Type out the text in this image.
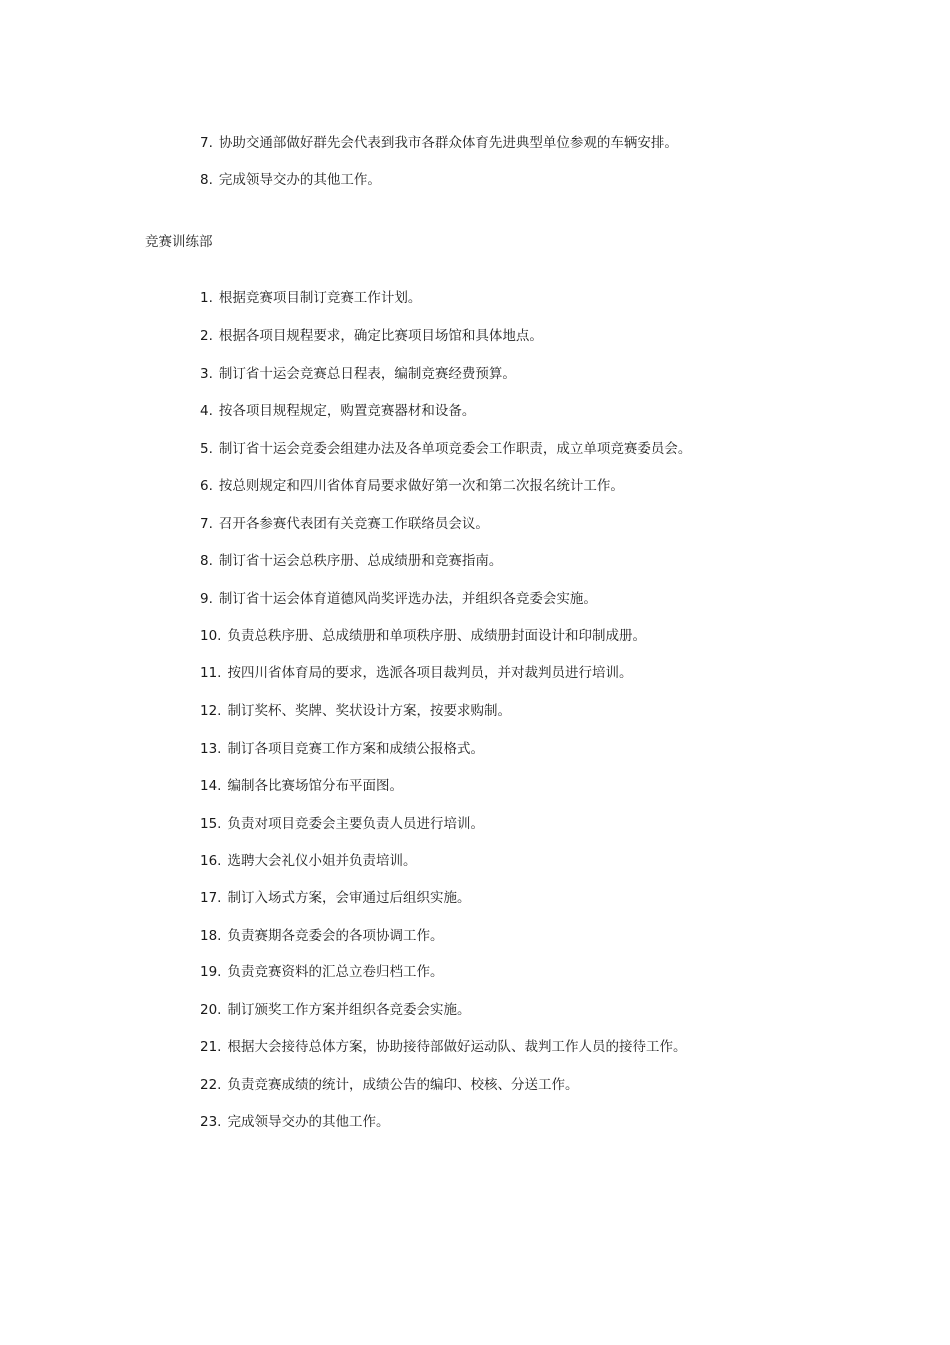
7. 协助交通部做好群先会代表到我市各群众体育先进典型单位参观的车辆安排。
8. 完成领导交办的其他工作。
竞赛训练部
1. 根据竞赛项目制订竞赛工作计划。
2. 根据各项目规程要求，确定比赛项目场馆和具体地点。
3. 制订省十运会竞赛总日程表，编制竞赛经费预算。
4. 按各项目规程规定，购置竞赛器材和设备。
5. 制订省十运会竞委会组建办法及各单项竞委会工作职责，成立单项竞赛委员会。
6. 按总则规定和四川省体育局要求做好第一次和第二次报名统计工作。
7. 召开各参赛代表团有关竞赛工作联络员会议。
8. 制订省十运会总秩序册、总成绩册和竞赛指南。
9. 制订省十运会体育道德风尚奖评选办法，并组织各竞委会实施。
10. 负责总秩序册、总成绩册和单项秩序册、成绩册封面设计和印制成册。
11. 按四川省体育局的要求，选派各项目裁判员，并对裁判员进行培训。
12. 制订奖杯、奖牌、奖状设计方案，按要求购制。
13. 制订各项目竞赛工作方案和成绩公报格式。
14. 编制各比赛场馆分布平面图。
15. 负责对项目竞委会主要负责人员进行培训。
16. 选聘大会礼仪小姐并负责培训。
17. 制订入场式方案，会审通过后组织实施。
18. 负责赛期各竞委会的各项协调工作。
19. 负责竞赛资料的汇总立卷归档工作。
20. 制订颁奖工作方案并组织各竞委会实施。
21. 根据大会接待总体方案，协助接待部做好运动队、裁判工作人员的接待工作。
22. 负责竞赛成绩的统计，成绩公告的编印、校核、分送工作。
23. 完成领导交办的其他工作。
